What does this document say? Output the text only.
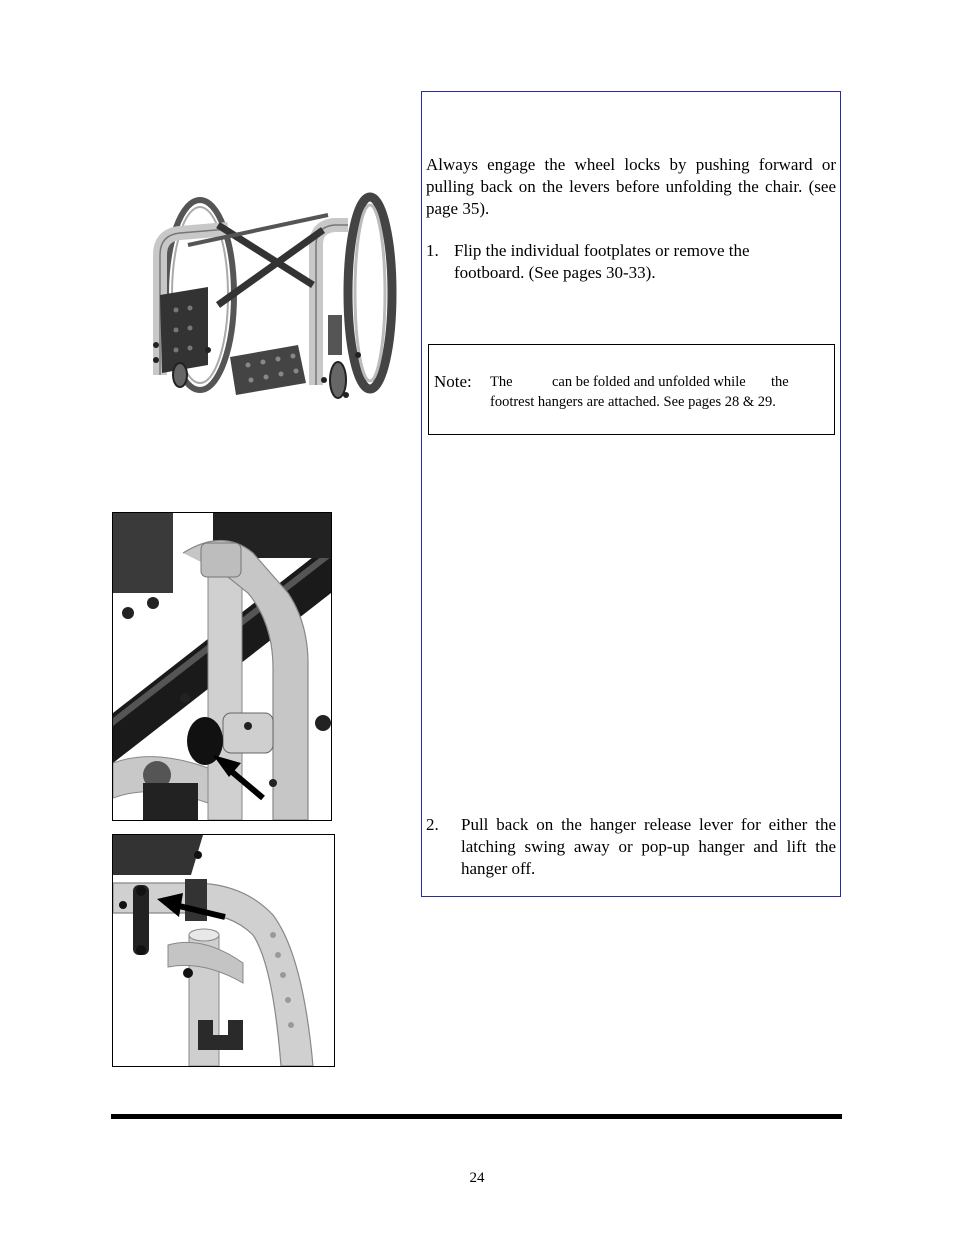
Always engage the wheel locks by pushing forward or pulling back on the levers before unfolding the chair. (see page 35).
1. Flip the individual footplates or remove the footboard. (See pages 30-33).
Note: The	can be folded and unfolded while the
footrest hangers are attached. See pages 28 & 29.
2. Pull back on the hanger release lever for either the latching swing away or pop-up hanger and lift the hanger off.
24
